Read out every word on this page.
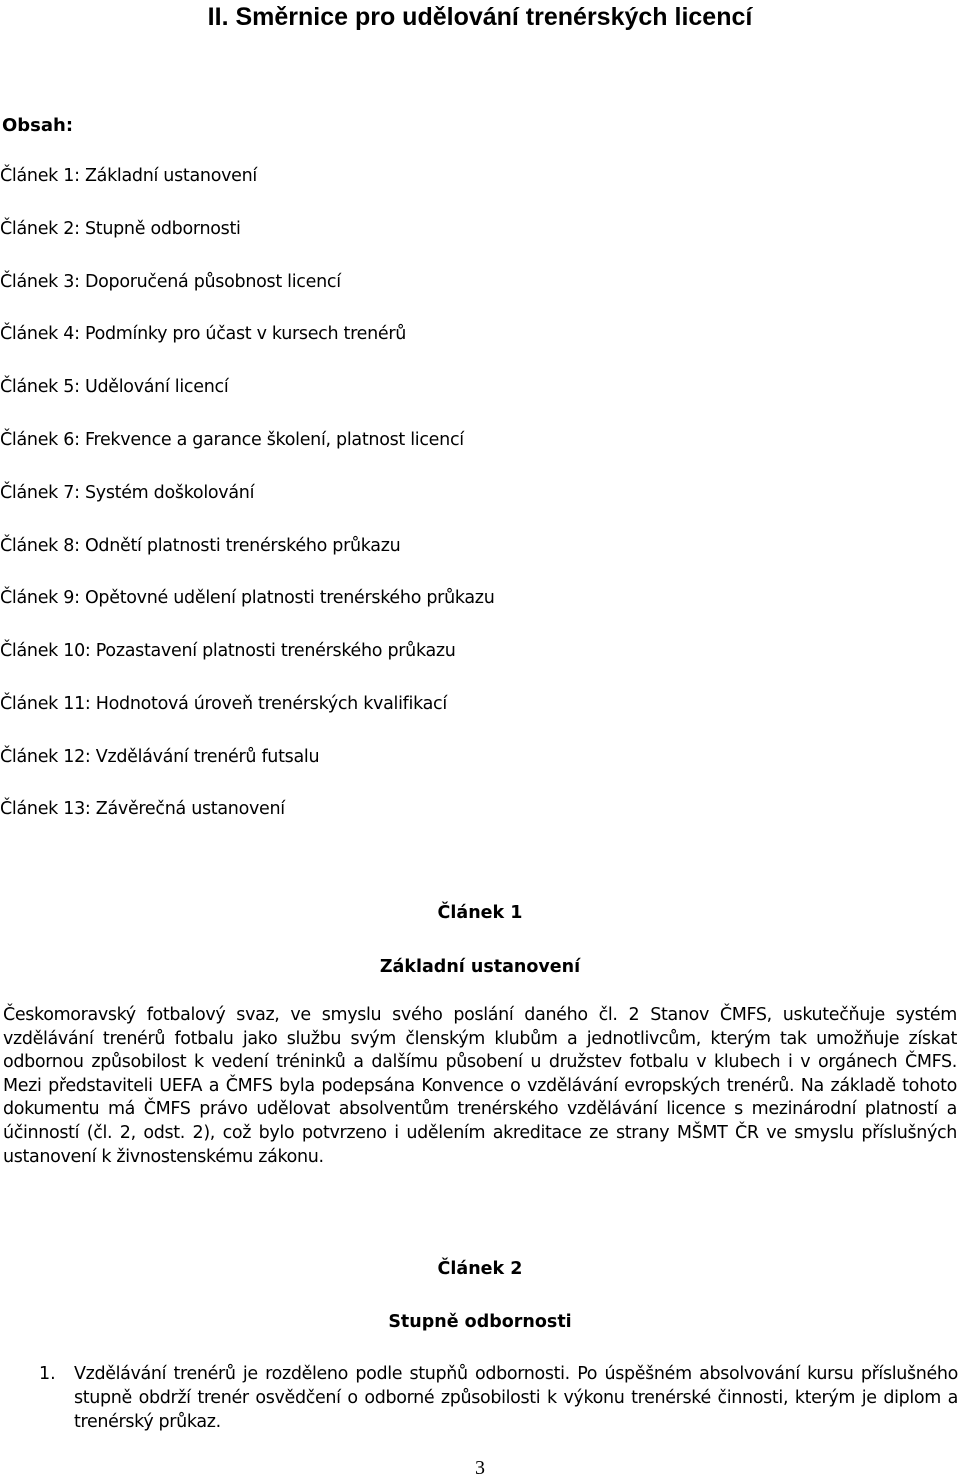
II. Směrnice pro udělování trenérských licencí
Obsah:
Článek 1: Základní ustanovení
Článek 2: Stupně odbornosti
Článek 3: Doporučená působnost licencí
Článek 4: Podmínky pro účast v kursech trenérů
Článek 5: Udělování licencí
Článek 6: Frekvence a garance školení, platnost licencí
Článek 7: Systém doškolování
Článek 8: Odnětí platnosti trenérského průkazu
Článek 9: Opětovné udělení platnosti trenérského průkazu
Článek 10: Pozastavení platnosti trenérského průkazu
Článek 11: Hodnotová úroveň trenérských kvalifikací
Článek 12: Vzdělávání trenérů futsalu
Článek 13: Závěrečná ustanovení
Článek 1
Základní ustanovení

Českomoravský fotbalový svaz, ve smyslu svého poslání daného čl. 2 Stanov ČMFS, uskutečňuje systém vzdělávání trenérů fotbalu jako službu svým členským klubům a jednotlivcům, kterým tak umožňuje získat odbornou způsobilost k vedení tréninků a dalšímu působení u družstev fotbalu v klubech i v orgánech ČMFS. Mezi představiteli UEFA a ČMFS byla podepsána Konvence o vzdělávání evropských trenérů. Na základě tohoto dokumentu má ČMFS právo udělovat absolventům trenérského vzdělávání licence s mezinárodní platností a účinností (čl. 2, odst. 2), což bylo potvrzeno i udělením akreditace ze strany MŠMT ČR ve smyslu příslušných ustanovení k živnostenskému zákonu.

Článek 2
Stupně odbornosti
1. Vzdělávání trenérů je rozděleno podle stupňů odbornosti. Po úspěšném absolvování kursu příslušného stupně obdrží trenér osvědčení o odborné způsobilosti k výkonu trenérské činnosti, kterým je diplom a trenérský průkaz.

3
